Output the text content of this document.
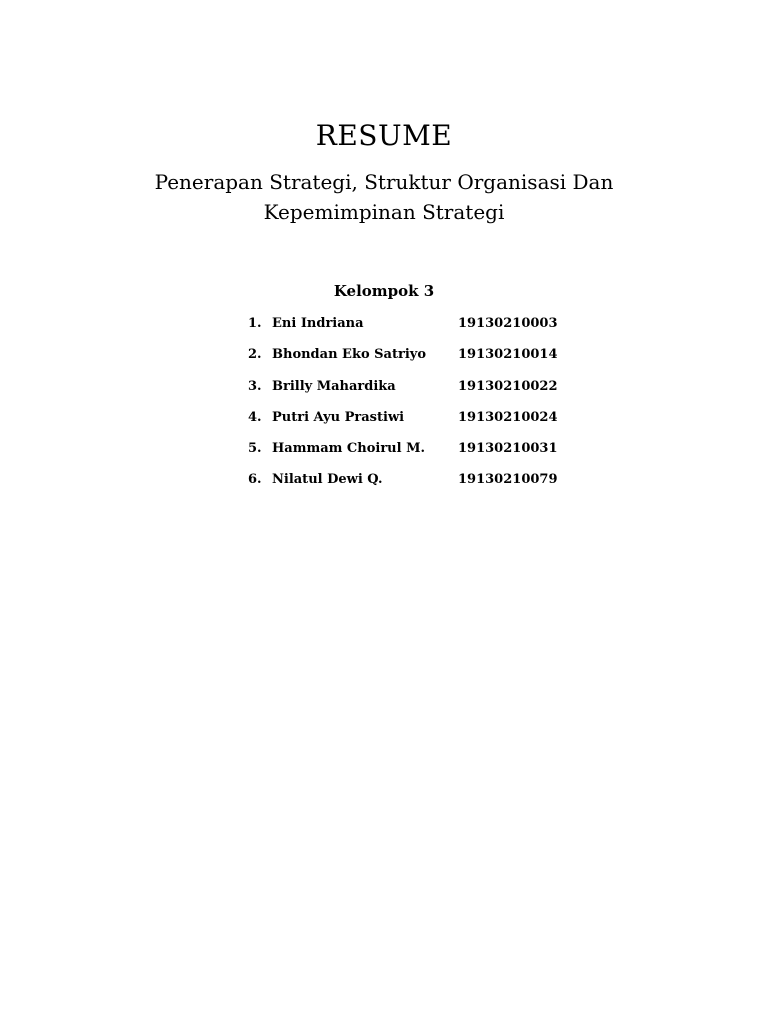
RESUME
Penerapan Strategi, Struktur Organisasi Dan
Kepemimpinan Strategi
Kelompok 3
1. Eni Indriana	19130210003
2. Bhondan Eko Satriyo 19130210014
3. Brilly Mahardika	19130210022
4. Putri Ayu Prastiwi	19130210024
5. Hammam Choirul M.	19130210031
6. Nilatul Dewi Q.	19130210079
